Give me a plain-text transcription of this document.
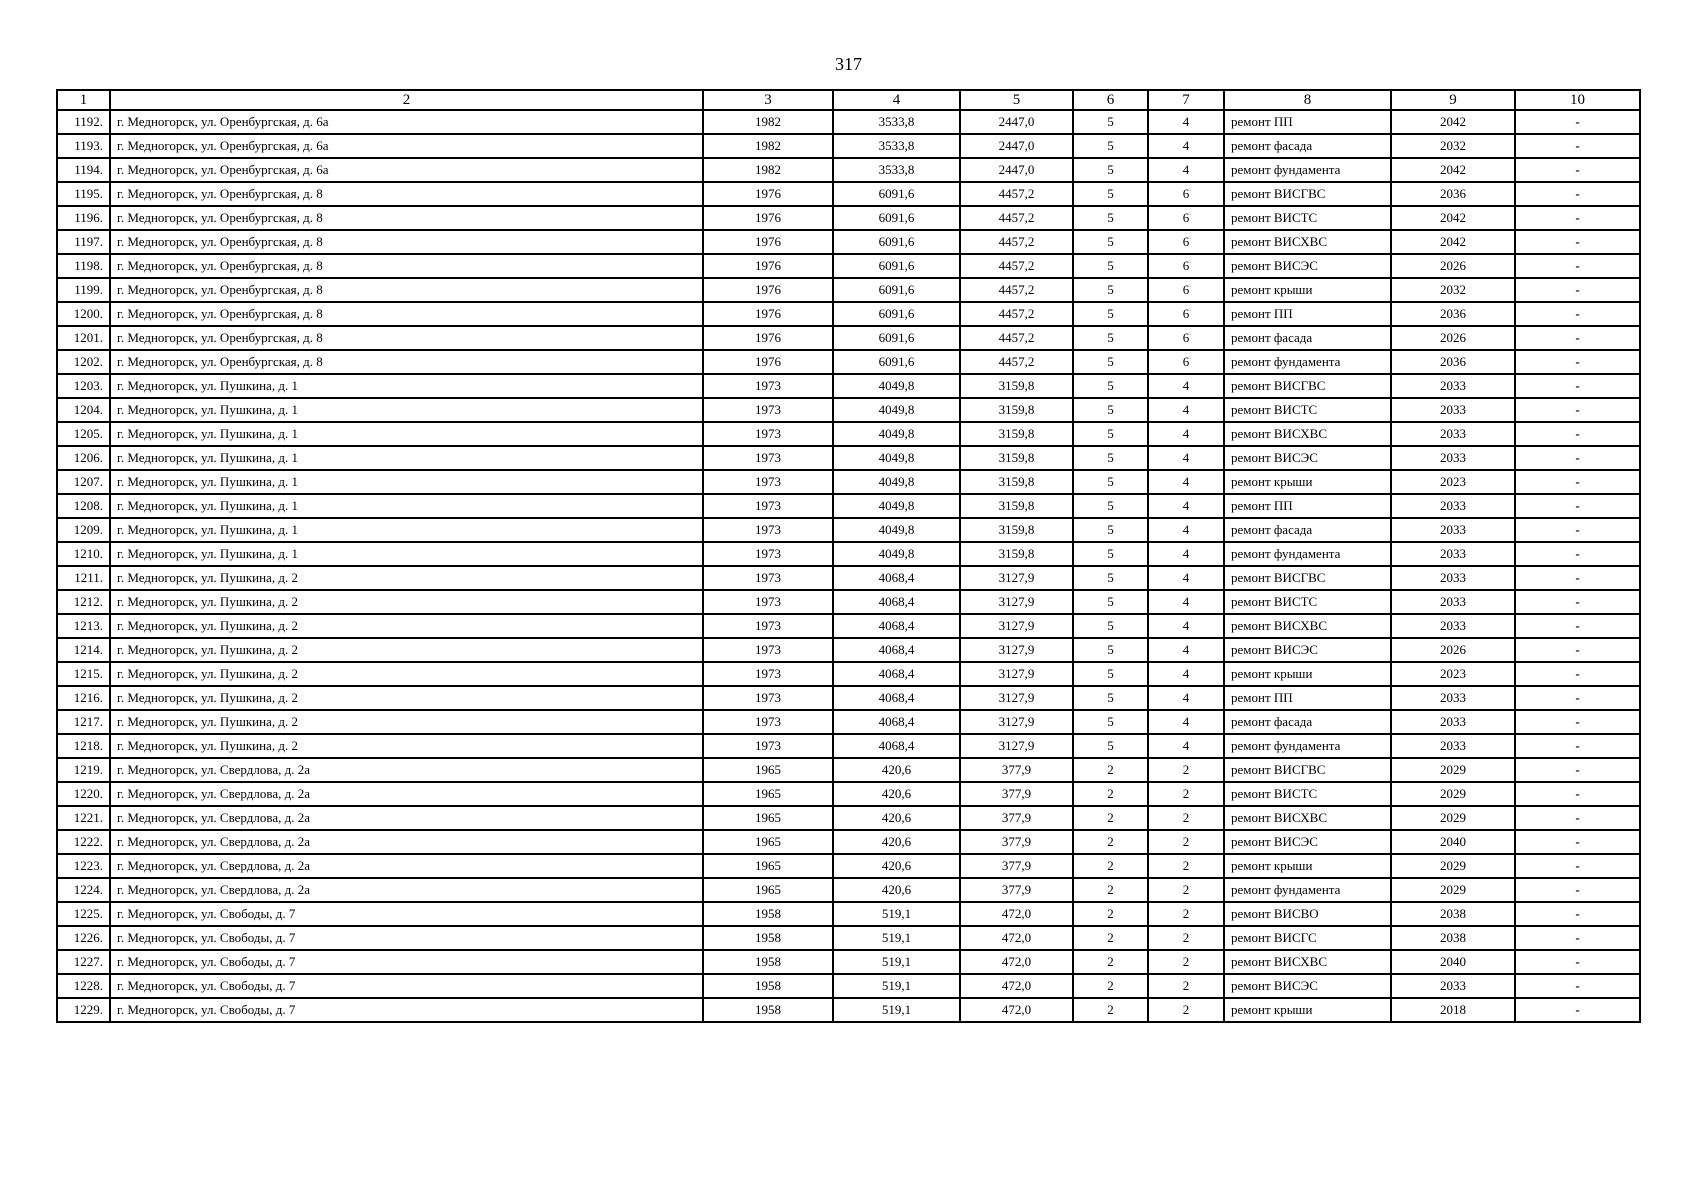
317
1	2	3	4	5	6	7	8	9	10
1192.	г. Медногорск, ул. Оренбургская, д. 6а	1982	3533,8	2447,0	5	4	ремонт ПП	2042	-
1193.	г. Медногорск, ул. Оренбургская, д. 6а	1982	3533,8	2447,0	5	4	ремонт фасада	2032	-
1194.	г. Медногорск, ул. Оренбургская, д. 6а	1982	3533,8	2447,0	5	4	ремонт фундамента	2042	-
1195.	г. Медногорск, ул. Оренбургская, д. 8	1976	6091,6	4457,2	5	6	ремонт ВИСГВС	2036	-
1196.	г. Медногорск, ул. Оренбургская, д. 8	1976	6091,6	4457,2	5	6	ремонт ВИСТС	2042	-
1197.	г. Медногорск, ул. Оренбургская, д. 8	1976	6091,6	4457,2	5	6	ремонт ВИСХВС	2042	-
1198.	г. Медногорск, ул. Оренбургская, д. 8	1976	6091,6	4457,2	5	6	ремонт ВИСЭС	2026	-
1199.	г. Медногорск, ул. Оренбургская, д. 8	1976	6091,6	4457,2	5	6	ремонт крыши	2032	-
1200.	г. Медногорск, ул. Оренбургская, д. 8	1976	6091,6	4457,2	5	6	ремонт ПП	2036	-
1201.	г. Медногорск, ул. Оренбургская, д. 8	1976	6091,6	4457,2	5	6	ремонт фасада	2026	-
1202.	г. Медногорск, ул. Оренбургская, д. 8	1976	6091,6	4457,2	5	6	ремонт фундамента	2036	-
1203.	г. Медногорск, ул. Пушкина, д. 1	1973	4049,8	3159,8	5	4	ремонт ВИСГВС	2033	-
1204.	г. Медногорск, ул. Пушкина, д. 1	1973	4049,8	3159,8	5	4	ремонт ВИСТС	2033	-
1205.	г. Медногорск, ул. Пушкина, д. 1	1973	4049,8	3159,8	5	4	ремонт ВИСХВС	2033	-
1206.	г. Медногорск, ул. Пушкина, д. 1	1973	4049,8	3159,8	5	4	ремонт ВИСЭС	2033	-
1207.	г. Медногорск, ул. Пушкина, д. 1	1973	4049,8	3159,8	5	4	ремонт крыши	2023	-
1208.	г. Медногорск, ул. Пушкина, д. 1	1973	4049,8	3159,8	5	4	ремонт ПП	2033	-
1209.	г. Медногорск, ул. Пушкина, д. 1	1973	4049,8	3159,8	5	4	ремонт фасада	2033	-
1210.	г. Медногорск, ул. Пушкина, д. 1	1973	4049,8	3159,8	5	4	ремонт фундамента	2033	-
1211.	г. Медногорск, ул. Пушкина, д. 2	1973	4068,4	3127,9	5	4	ремонт ВИСГВС	2033	-
1212.	г. Медногорск, ул. Пушкина, д. 2	1973	4068,4	3127,9	5	4	ремонт ВИСТС	2033	-
1213.	г. Медногорск, ул. Пушкина, д. 2	1973	4068,4	3127,9	5	4	ремонт ВИСХВС	2033	-
1214.	г. Медногорск, ул. Пушкина, д. 2	1973	4068,4	3127,9	5	4	ремонт ВИСЭС	2026	-
1215.	г. Медногорск, ул. Пушкина, д. 2	1973	4068,4	3127,9	5	4	ремонт крыши	2023	-
1216.	г. Медногорск, ул. Пушкина, д. 2	1973	4068,4	3127,9	5	4	ремонт ПП	2033	-
1217.	г. Медногорск, ул. Пушкина, д. 2	1973	4068,4	3127,9	5	4	ремонт фасада	2033	-
1218.	г. Медногорск, ул. Пушкина, д. 2	1973	4068,4	3127,9	5	4	ремонт фундамента	2033	-
1219.	г. Медногорск, ул. Свердлова, д. 2а	1965	420,6	377,9	2	2	ремонт ВИСГВС	2029	-
1220.	г. Медногорск, ул. Свердлова, д. 2а	1965	420,6	377,9	2	2	ремонт ВИСТС	2029	-
1221.	г. Медногорск, ул. Свердлова, д. 2а	1965	420,6	377,9	2	2	ремонт ВИСХВС	2029	-
1222.	г. Медногорск, ул. Свердлова, д. 2а	1965	420,6	377,9	2	2	ремонт ВИСЭС	2040	-
1223.	г. Медногорск, ул. Свердлова, д. 2а	1965	420,6	377,9	2	2	ремонт крыши	2029	-
1224.	г. Медногорск, ул. Свердлова, д. 2а	1965	420,6	377,9	2	2	ремонт фундамента	2029	-
1225.	г. Медногорск, ул. Свободы, д. 7	1958	519,1	472,0	2	2	ремонт ВИСВО	2038	-
1226.	г. Медногорск, ул. Свободы, д. 7	1958	519,1	472,0	2	2	ремонт ВИСГС	2038	-
1227.	г. Медногорск, ул. Свободы, д. 7	1958	519,1	472,0	2	2	ремонт ВИСХВС	2040	-
1228.	г. Медногорск, ул. Свободы, д. 7	1958	519,1	472,0	2	2	ремонт ВИСЭС	2033	-
1229.	г. Медногорск, ул. Свободы, д. 7	1958	519,1	472,0	2	2	ремонт крыши	2018	-
